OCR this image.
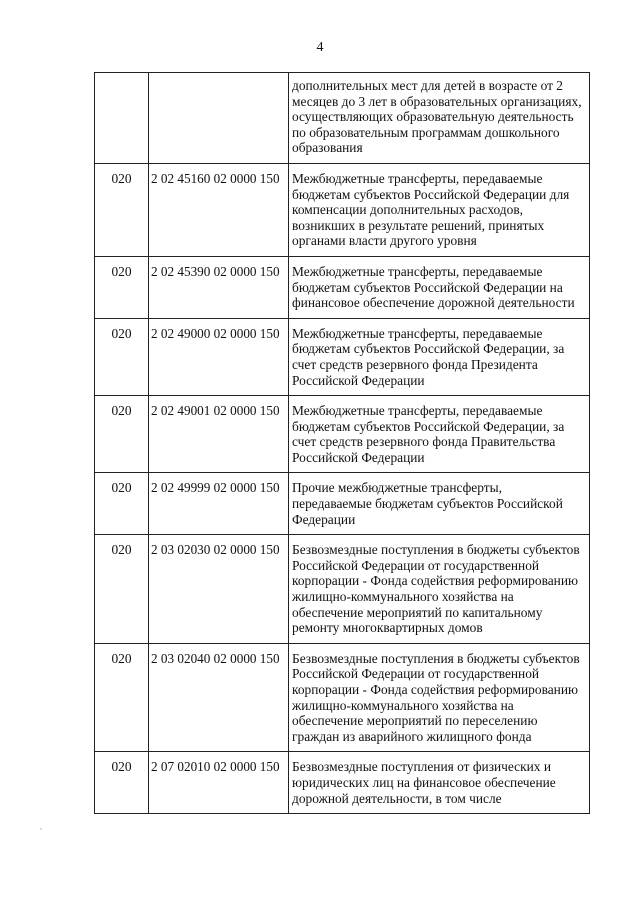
4
		дополнительных мест для детей в возрасте от 2 месяцев до 3 лет в образовательных организациях, осуществляющих образовательную деятельность по образовательным программам дошкольного образования
020	2 02 45160 02 0000 150	Межбюджетные трансферты, передаваемые бюджетам субъектов Российской Федерации для компенсации дополнительных расходов, возникших в результате решений, принятых органами власти другого уровня
020	2 02 45390 02 0000 150	Межбюджетные трансферты, передаваемые бюджетам субъектов Российской Федерации на финансовое обеспечение дорожной деятельности
020	2 02 49000 02 0000 150	Межбюджетные трансферты, передаваемые бюджетам субъектов Российской Федерации, за счет средств резервного фонда Президента Российской Федерации
020	2 02 49001 02 0000 150	Межбюджетные трансферты, передаваемые бюджетам субъектов Российской Федерации, за счет средств резервного фонда Правительства Российской Федерации
020	2 02 49999 02 0000 150	Прочие межбюджетные трансферты, передаваемые бюджетам субъектов Российской Федерации
020	2 03 02030 02 0000 150	Безвозмездные поступления в бюджеты субъектов Российской Федерации от государственной корпорации - Фонда содействия реформированию жилищно-коммунального хозяйства на обеспечение мероприятий по капитальному ремонту многоквартирных домов
020	2 03 02040 02 0000 150	Безвозмездные поступления в бюджеты субъектов Российской Федерации от государственной корпорации - Фонда содействия реформированию жилищно-коммунального хозяйства на обеспечение мероприятий по переселению граждан из аварийного жилищного фонда
020	2 07 02010 02 0000 150	Безвозмездные поступления от физических и юридических лиц на финансовое обеспечение дорожной деятельности, в том числе
